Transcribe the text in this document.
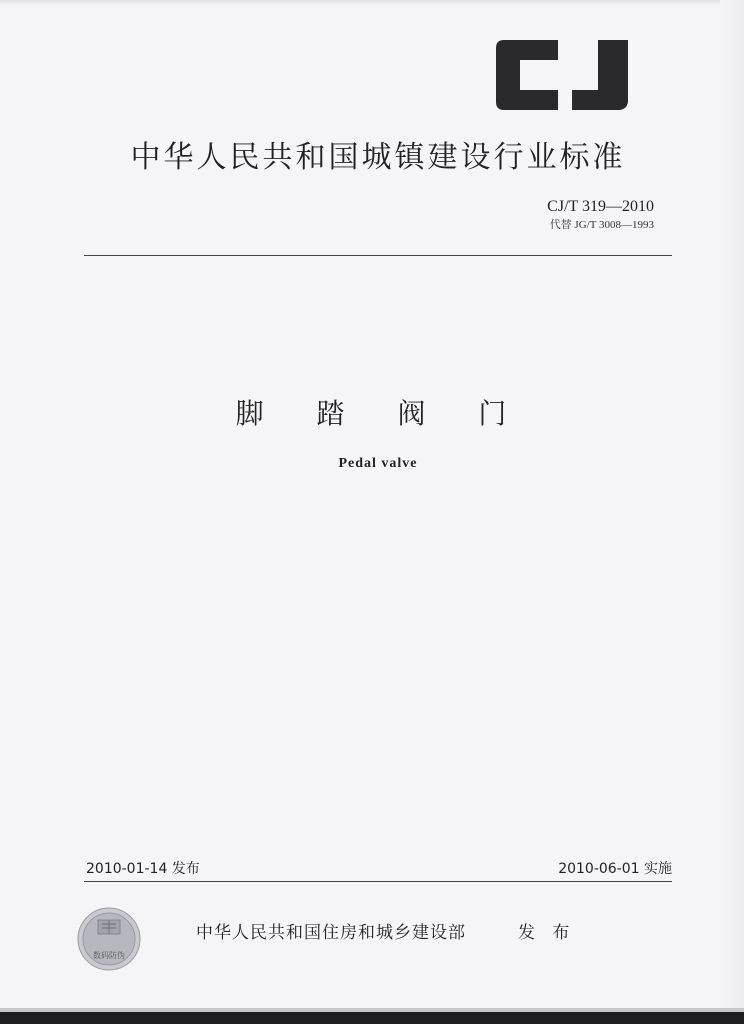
中华人民共和国城镇建设行业标准
CJ/T 319—2010
代替 JG/T 3008—1993
脚 踏 阀 门
Pedal valve
2010-01-14 发布	2010-06-01 实施
数码防伪
中华人民共和国住房和城乡建设部	发 布
